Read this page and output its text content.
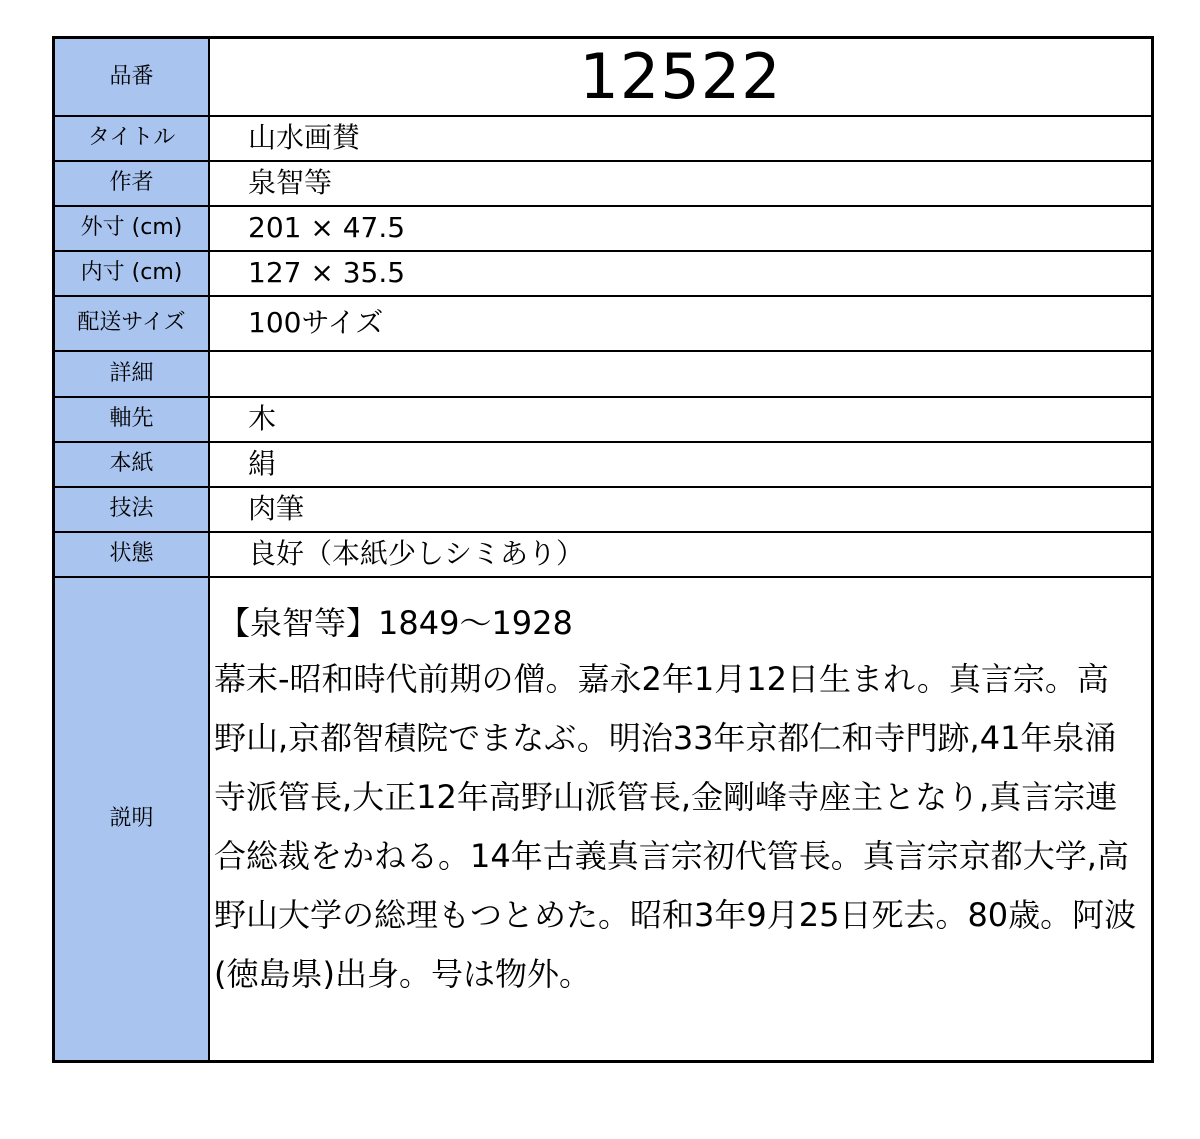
品番	12522
タイトル	山水画賛
作者	泉智等
外寸 (cm)	201 × 47.5
内寸 (cm)	127 × 35.5
配送サイズ	100サイズ
詳細	
軸先	木
本紙	絹
技法	肉筆
状態	良好（本紙少しシミあり）
説明	【泉智等】1849〜1928
幕末-昭和時代前期の僧。嘉永2年1月12日生まれ。真言宗。高野山,京都智積院でまなぶ。明治33年京都仁和寺門跡,41年泉涌寺派管長,大正12年高野山派管長,金剛峰寺座主となり,真言宗連合総裁をかねる。14年古義真言宗初代管長。真言宗京都大学,高野山大学の総理もつとめた。昭和3年9月25日死去。80歳。阿波(徳島県)出身。号は物外。
